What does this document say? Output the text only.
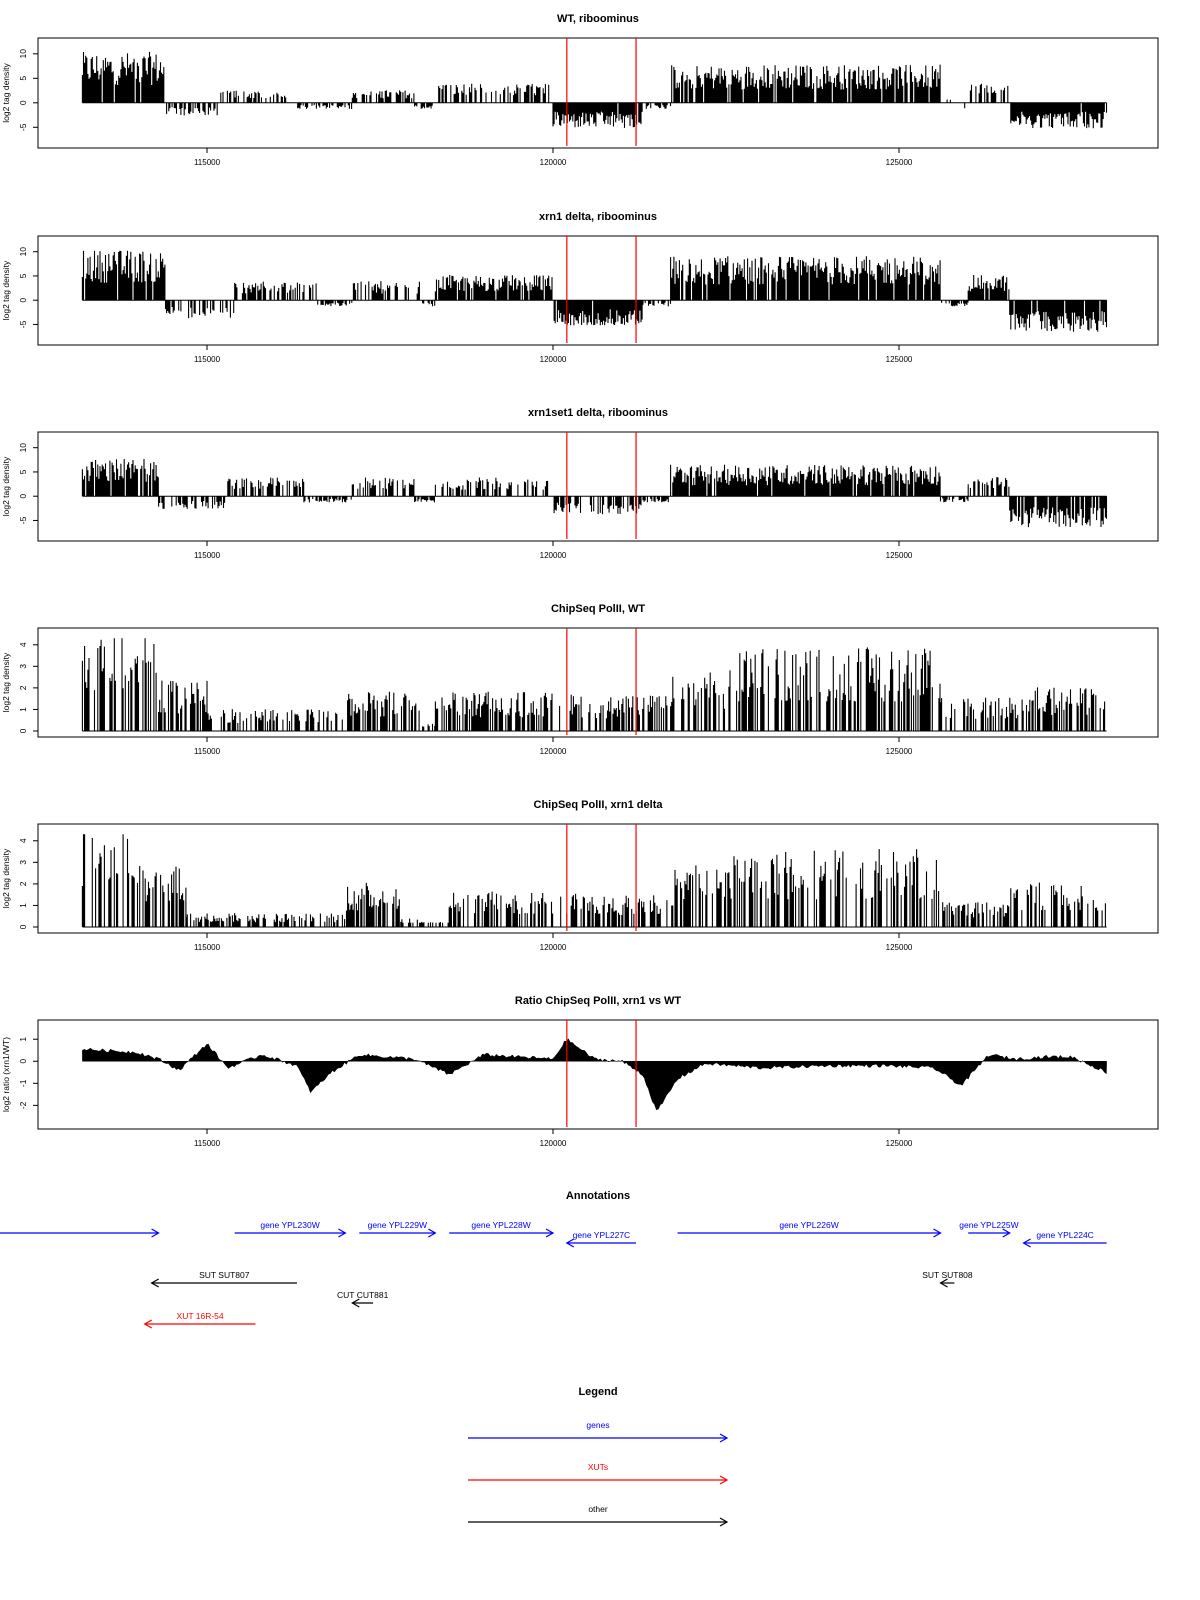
WT, riboominus
log2 tag density
-5
0
5
10
115000	120000	125000
xrn1 delta, riboominus
log2 tag density
-5
0
5
10
115000	120000	125000
xrn1set1 delta, riboominus
log2 tag density
-5
0
5
10
115000	120000	125000
ChipSeq PolII, WT
log2 tag density
0
1
2
3
4
115000	120000	125000
ChipSeq PolII, xrn1 delta
log2 tag density
0
1
2
3
4
115000	120000	125000
Ratio ChipSeq PolII, xrn1 vs WT
log2 ratio (xrn1/WT) -2
-1
0
1
115000	120000	125000
Annotations
gene YPL230W	gene YPL229W	gene YPL228W
gene YPL227C
gene YPL226W	gene YPL225W
gene YPL224C
SUT SUT807	SUT SUT808
CUT CUT881
XUT 16R-54
Legend
genes
XUTs
other
